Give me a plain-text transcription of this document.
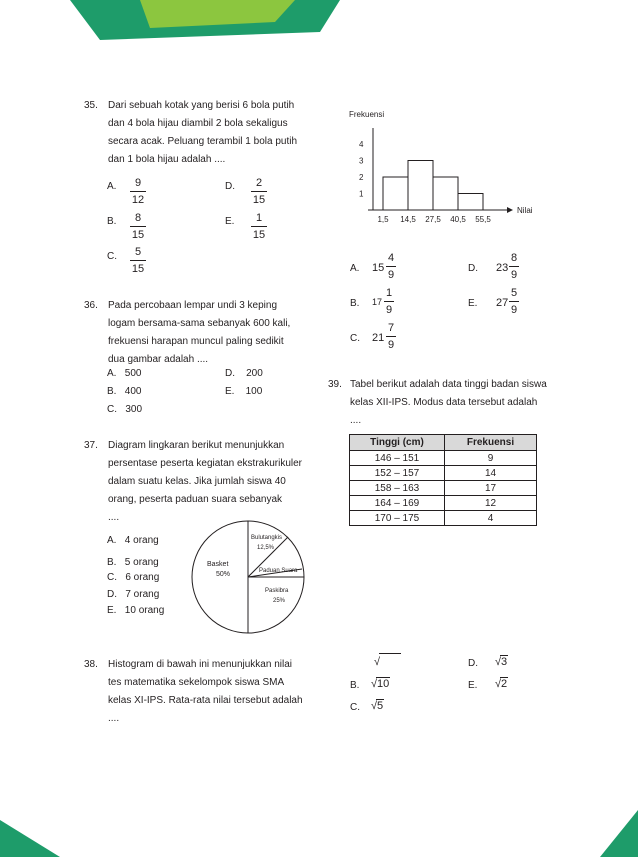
35. Dari sebuah kotak yang berisi 6 bola putih
dan 4 bola hijau diambil 2 bola sekaligus
secara acak. Peluang terambil 1 bola putih
dan 1 bola hijau adalah ....
A. $\frac{9}{12}$	D. $\frac{2}{15}$
B. $\frac{8}{15}$	E. $\frac{1}{15}$
C. $\frac{5}{15}$
36. Pada percobaan lempar undi 3 keping
logam bersama-sama sebanyak 600 kali,
frekuensi harapan muncul paling sedikit
dua gambar adalah ....
A. 500	D. 200
B. 400	E. 100
C. 300
37. Diagram lingkaran berikut menunjukkan
persentase peserta kegiatan ekstrakurikuler
dalam suatu kelas. Jika jumlah siswa 40
orang, peserta paduan suara sebanyak
....
A. 4 orang
B. 5 orang
C. 6 orang
D. 7 orang
E. 10 orang
Basket
50%
Bulutangkis
12,5%
Paduan Suara
Paskibra
25%
38. Histogram di bawah ini menunjukkan nilai
tes matematika sekelompok siswa SMA
kelas XI-IPS. Rata-rata nilai tersebut adalah
....
Frekuensi
Nilai
1
2
3
4
1,5 14,5 27,5 40,5 55,5
A. $15 \frac{4}{9}$	D. $23 \frac{8}{9}$
B. $17 \frac{1}{9}$	E. $27 \frac{5}{9}$
C. $21 \frac{7}{9}$
39. Tabel berikut adalah data tinggi badan siswa
kelas XII-IPS. Modus data tersebut adalah
....
Tinggi (cm)	Frekuensi
146 – 151	9
152 – 157	14
158 – 163	17
164 – 169	12
170 – 175	4
√	D. √3
B. √10	E. √2
C. √5
